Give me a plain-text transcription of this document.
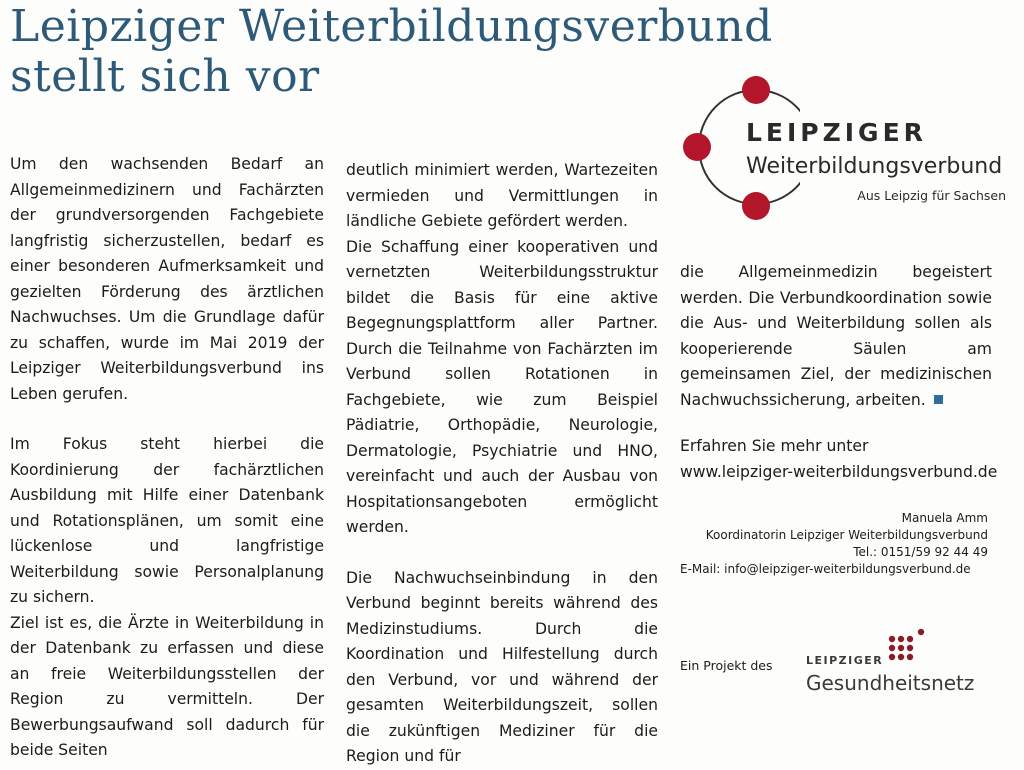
Leipziger Weiterbildungsverbund
stellt sich vor
LEIPZIGER
Weiterbildungsverbund
Aus Leipzig für Sachsen

Um den wachsenden Bedarf an Allgemeinmedizinern und Fachärzten der grundversorgenden Fachgebiete langfristig sicherzustellen, bedarf es einer besonderen Aufmerksamkeit und gezielten Förderung des ärztlichen Nachwuchses. Um die Grundlage dafür zu schaffen, wurde im Mai 2019 der Leipziger Weiterbildungsverbund ins Leben gerufen.

Im Fokus steht hierbei die Koordinierung der fachärztlichen Ausbildung mit Hilfe einer Datenbank und Rotationsplänen, um somit eine lückenlose und langfristige Weiterbildung sowie Personalplanung zu sichern.

Ziel ist es, die Ärzte in Weiterbildung in der Datenbank zu erfassen und diese an freie Weiterbildungsstellen der Region zu vermitteln. Der Bewerbungsaufwand soll dadurch für beide Seiten

deutlich minimiert werden, Wartezeiten vermieden und Vermittlungen in ländliche Gebiete gefördert werden.

Die Schaffung einer kooperativen und vernetzten Weiterbildungsstruktur bildet die Basis für eine aktive Begegnungsplattform aller Partner. Durch die Teilnahme von Fachärzten im Verbund sollen Rotationen in Fachgebiete, wie zum Beispiel Pädiatrie, Orthopädie, Neurologie, Dermatologie, Psychiatrie und HNO, vereinfacht und auch der Ausbau von Hospitationsangeboten ermöglicht werden.

Die Nachwuchseinbindung in den Verbund beginnt bereits während des Medizinstudiums. Durch die Koordination und Hilfestellung durch den Verbund, vor und während der gesamten Weiterbildungszeit, sollen die zukünftigen Mediziner für die Region und für

die Allgemeinmedizin begeistert werden. Die Verbundkoordination sowie die Aus- und Weiterbildung sollen als kooperierende Säulen am gemeinsamen Ziel, der medizinischen Nachwuchssicherung, arbeiten.

Erfahren Sie mehr unter

www.leipziger-weiterbildungsverbund.de

Manuela Amm

Koordinatorin Leipziger Weiterbildungsverbund

Tel.: 0151/59 92 44 49

E-Mail: info@leipziger-weiterbildungsverbund.de

Ein Projekt des	LEIPZIGER
Gesundheitsnetz
